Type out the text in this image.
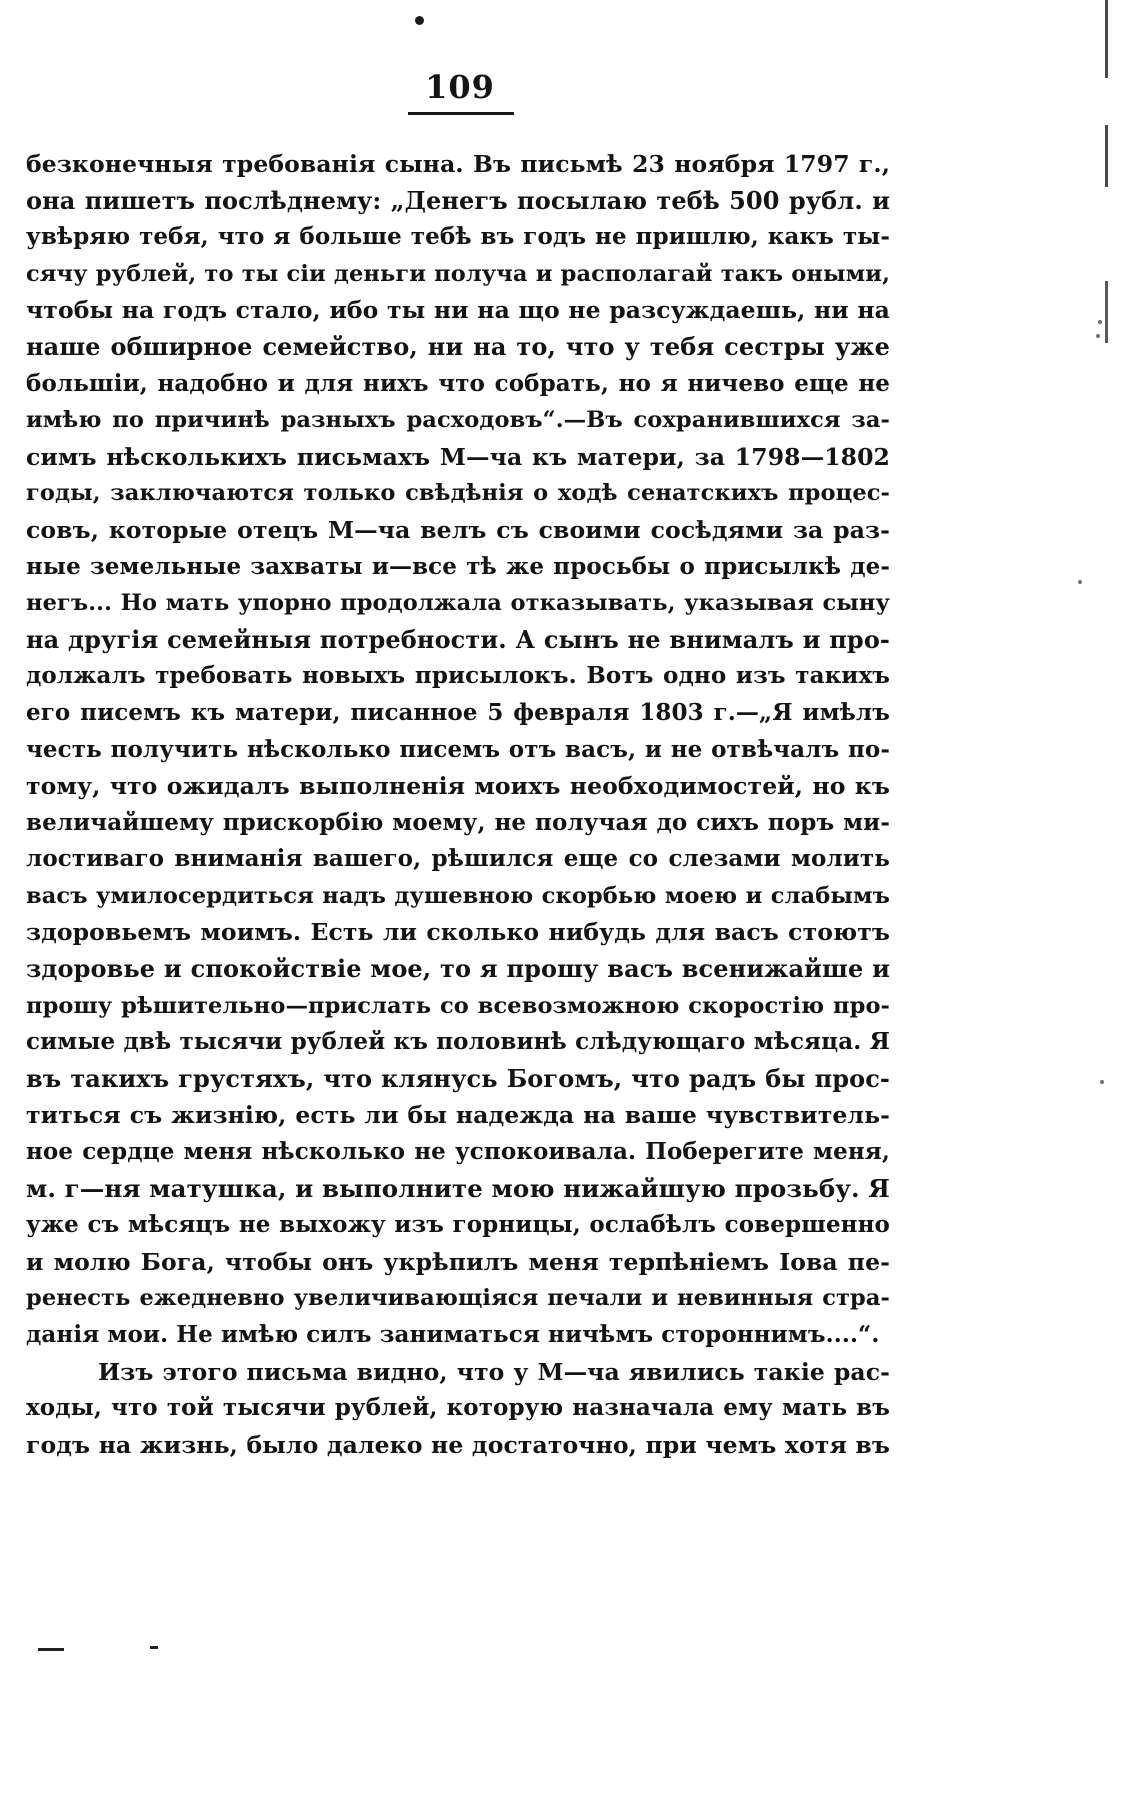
109
безконечныя требованія сына. Въ письмѣ 23 ноября 1797 г.,
она пишетъ послѣднему: „Денегъ посылаю тебѣ 500 рубл. и
увѣряю тебя, что я больше тебѣ въ годъ не пришлю, какъ ты-
сячу рублей, то ты сіи деньги получа и располагай такъ оными,
чтобы на годъ стало, ибо ты ни на що не разсуждаешь, ни на
наше обширное семейство, ни на то, что у тебя сестры уже
большіи, надобно и для нихъ что собрать, но я ничево еще не
имѣю по причинѣ разныхъ расходовъ“.—Въ сохранившихся за-
симъ нѣсколькихъ письмахъ М—ча къ матери, за 1798—1802
годы, заключаются только свѣдѣнія о ходѣ сенатскихъ процес-
совъ, которые отецъ М—ча велъ съ своими сосѣдями за раз-
ные земельные захваты и—все тѣ же просьбы о присылкѣ де-
негъ... Но мать упорно продолжала отказывать, указывая сыну
на другія семейныя потребности. А сынъ не внималъ и про-
должалъ требовать новыхъ присылокъ. Вотъ одно изъ такихъ
его писемъ къ матери, писанное 5 февраля 1803 г.—„Я имѣлъ
честь получить нѣсколько писемъ отъ васъ, и не отвѣчалъ по-
тому, что ожидалъ выполненія моихъ необходимостей, но къ
величайшему прискорбію моему, не получая до сихъ поръ ми-
лостиваго вниманія вашего, рѣшился еще со слезами молить
васъ умилосердиться надъ душевною скорбью моею и слабымъ
здоровьемъ моимъ. Есть ли сколько нибудь для васъ стоютъ
здоровье и спокойствіе мое, то я прошу васъ всенижайше и
прошу рѣшительно—прислать со всевозможною скоростію про-
симые двѣ тысячи рублей къ половинѣ слѣдующаго мѣсяца. Я
въ такихъ грустяхъ, что клянусь Богомъ, что радъ бы прос-
титься съ жизнію, есть ли бы надежда на ваше чувствитель-
ное сердце меня нѣсколько не успокоивала. Поберегите меня,
м. г—ня матушка, и выполните мою нижайшую прозьбу. Я
уже съ мѣсяцъ не выхожу изъ горницы, ослабѣлъ совершенно
и молю Бога, чтобы онъ укрѣпилъ меня терпѣніемъ Іова пе-
ренесть ежедневно увеличивающіяся печали и невинныя стра-
данія мои. Не имѣю силъ заниматься ничѣмъ стороннимъ....“.
Изъ этого письма видно, что у М—ча явились такіе рас-
ходы, что той тысячи рублей, которую назначала ему мать въ
годъ на жизнь, было далеко не достаточно, при чемъ хотя въ
